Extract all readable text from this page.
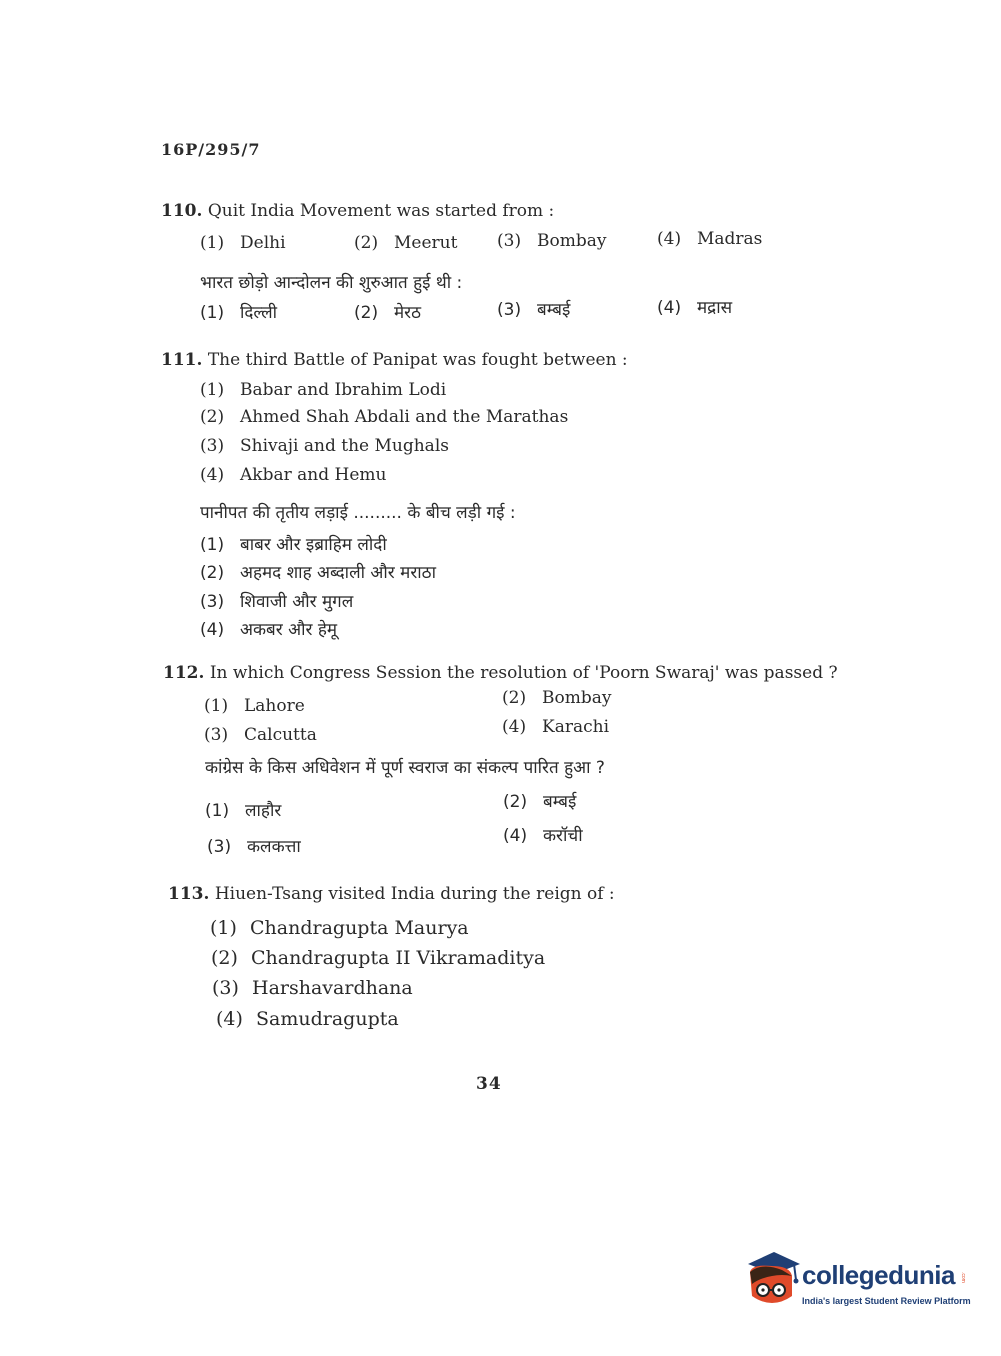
16P/295/7
110. Quit India Movement was started from :
(1) Delhi	(2) Meerut (3) Bombay	(4) Madras
भारत छोड़ो आन्दोलन की शुरुआत हुई थी :
(1) दिल्ली	(2) मेरठ	(3) बम्बई	(4) मद्रास
111. The third Battle of Panipat was fought between :
(1) Babar and Ibrahim Lodi
(2) Ahmed Shah Abdali and the Marathas
(3) Shivaji and the Mughals
(4) Akbar and Hemu
पानीपत की तृतीय लड़ाई ......... के बीच लड़ी गई :
(1) बाबर और इब्राहिम लोदी
(2) अहमद शाह अब्दाली और मराठा
(3) शिवाजी और मुगल
(4) अकबर और हेमू
112. In which Congress Session the resolution of 'Poorn Swaraj' was passed ?
(1) Lahore	(2) Bombay
(3) Calcutta	(4) Karachi
कांग्रेस के किस अधिवेशन में पूर्ण स्वराज का संकल्प पारित हुआ ?
(1) लाहौर	(2) बम्बई
(3) कलकत्ता
(4) करॉची
113. Hiuen-Tsang visited India during the reign of :
(1) Chandragupta Maurya
(2) Chandragupta II Vikramaditya
(3) Harshavardhana
(4) Samudragupta
34
collegedunia .com
India's largest Student Review Platform
